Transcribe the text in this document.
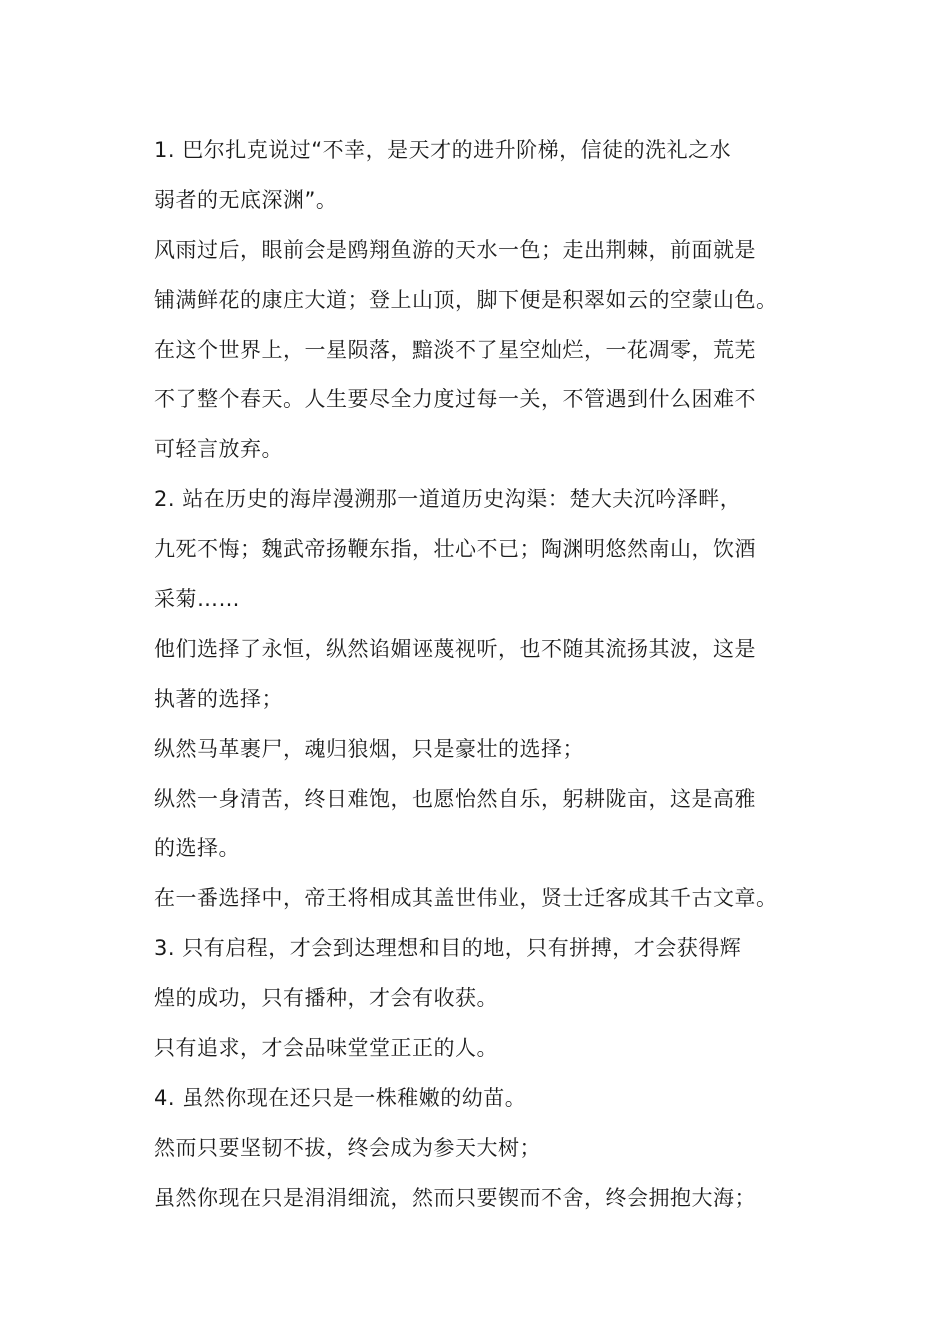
1. 巴尔扎克说过“不幸，是天才的进升阶梯，信徒的洗礼之水
弱者的无底深渊”。
风雨过后，眼前会是鸥翔鱼游的天水一色；走出荆棘，前面就是
铺满鲜花的康庄大道；登上山顶，脚下便是积翠如云的空蒙山色。
在这个世界上，一星陨落，黯淡不了星空灿烂，一花凋零，荒芜
不了整个春天。人生要尽全力度过每一关，不管遇到什么困难不
可轻言放弃。
2. 站在历史的海岸漫溯那一道道历史沟渠：楚大夫沉吟泽畔，
九死不悔；魏武帝扬鞭东指，壮心不已；陶渊明悠然南山，饮酒
采菊……
他们选择了永恒，纵然谄媚诬蔑视听，也不随其流扬其波，这是
执著的选择；
纵然马革裹尸，魂归狼烟，只是豪壮的选择；
纵然一身清苦，终日难饱，也愿怡然自乐，躬耕陇亩，这是高雅
的选择。
在一番选择中，帝王将相成其盖世伟业，贤士迁客成其千古文章。
3. 只有启程，才会到达理想和目的地，只有拼搏，才会获得辉
煌的成功，只有播种，才会有收获。
只有追求，才会品味堂堂正正的人。
4. 虽然你现在还只是一株稚嫩的幼苗。
然而只要坚韧不拔，终会成为参天大树；
虽然你现在只是涓涓细流，然而只要锲而不舍，终会拥抱大海；
